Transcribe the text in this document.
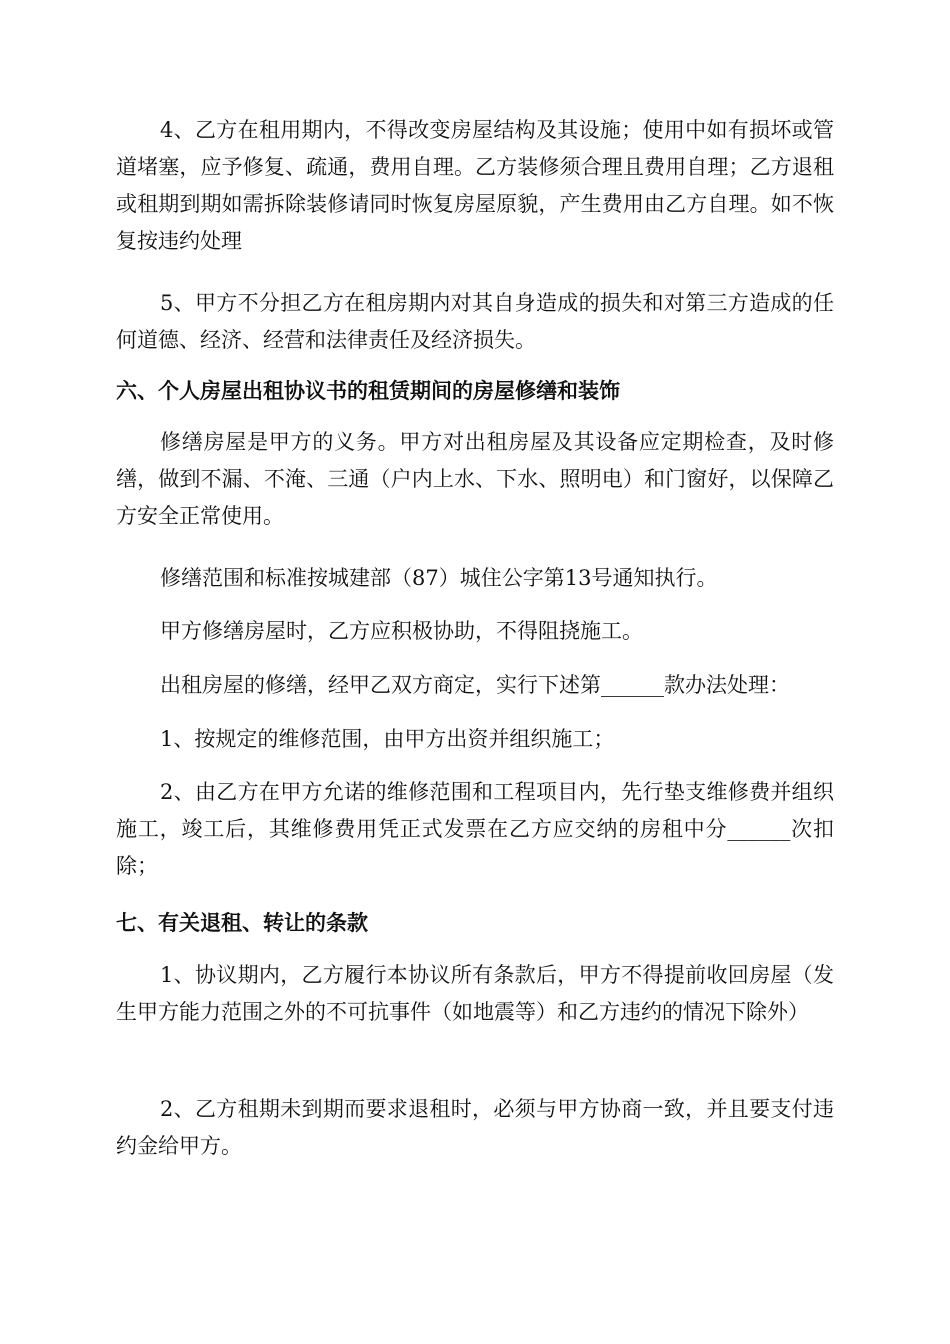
4、乙方在租用期内，不得改变房屋结构及其设施；使用中如有损坏或管道堵塞，应予修复、疏通，费用自理。乙方装修须合理且费用自理；乙方退租或租期到期如需拆除装修请同时恢复房屋原貌，产生费用由乙方自理。如不恢复按违约处理

5、甲方不分担乙方在租房期内对其自身造成的损失和对第三方造成的任何道德、经济、经营和法律责任及经济损失。

六、个人房屋出租协议书的租赁期间的房屋修缮和装饰

修缮房屋是甲方的义务。甲方对出租房屋及其设备应定期检查，及时修缮，做到不漏、不淹、三通（户内上水、下水、照明电）和门窗好，以保障乙方安全正常使用。

修缮范围和标准按城建部（87）城住公字第13号通知执行。

甲方修缮房屋时，乙方应积极协助，不得阻挠施工。

出租房屋的修缮，经甲乙双方商定，实行下述第______款办法处理：

1、按规定的维修范围，由甲方出资并组织施工；

2、由乙方在甲方允诺的维修范围和工程项目内，先行垫支维修费并组织施工，竣工后，其维修费用凭正式发票在乙方应交纳的房租中分______次扣除；

七、有关退租、转让的条款

1、协议期内，乙方履行本协议所有条款后，甲方不得提前收回房屋（发生甲方能力范围之外的不可抗事件（如地震等）和乙方违约的情况下除外）

2、乙方租期未到期而要求退租时，必须与甲方协商一致，并且要支付违约金给甲方。
